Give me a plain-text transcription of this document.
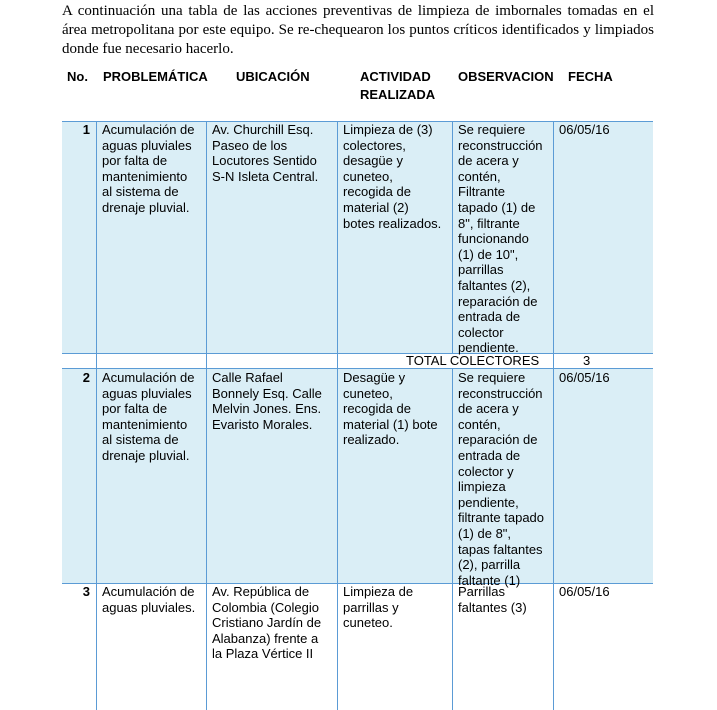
A continuación una tabla de las acciones preventivas de limpieza de imbornales tomadas en el área metropolitana por este equipo. Se re-chequearon los puntos críticos identificados y limpiados donde fue necesario hacerlo.
No. PROBLEMÁTICA UBICACIÓN	ACTIVIDAD
REALIZADA
OBSERVACION FECHA
1 Acumulación de
aguas pluviales
por falta de
mantenimiento
al sistema de
drenaje pluvial.
Av. Churchill Esq.
Paseo de los
Locutores Sentido
S-N Isleta Central.
Limpieza de (3)
colectores,
desagüe y
cuneteo,
recogida de
material (2)
botes realizados.
Se requiere
reconstrucción
de acera y
contén,
Filtrante
tapado (1) de
8", filtrante
funcionando
(1) de 10",
parrillas
faltantes (2),
reparación de
entrada de
colector
pendiente.
06/05/16
TOTAL COLECTORES	3
2 Acumulación de
aguas pluviales
por falta de
mantenimiento
al sistema de
drenaje pluvial.
Calle Rafael
Bonnely Esq. Calle
Melvin Jones. Ens.
Evaristo Morales.
Desagüe y
cuneteo,
recogida de
material (1) bote
realizado.
Se requiere
reconstrucción
de acera y
contén,
reparación de
entrada de
colector y
limpieza
pendiente,
filtrante tapado
(1) de 8",
tapas faltantes
(2), parrilla
faltante (1)
06/05/16
3 Acumulación de
aguas pluviales.
Av. República de
Colombia (Colegio
Cristiano Jardín de
Alabanza) frente a
la Plaza Vértice II
Limpieza de
parrillas y
cuneteo.
Parrillas
faltantes (3)
06/05/16
